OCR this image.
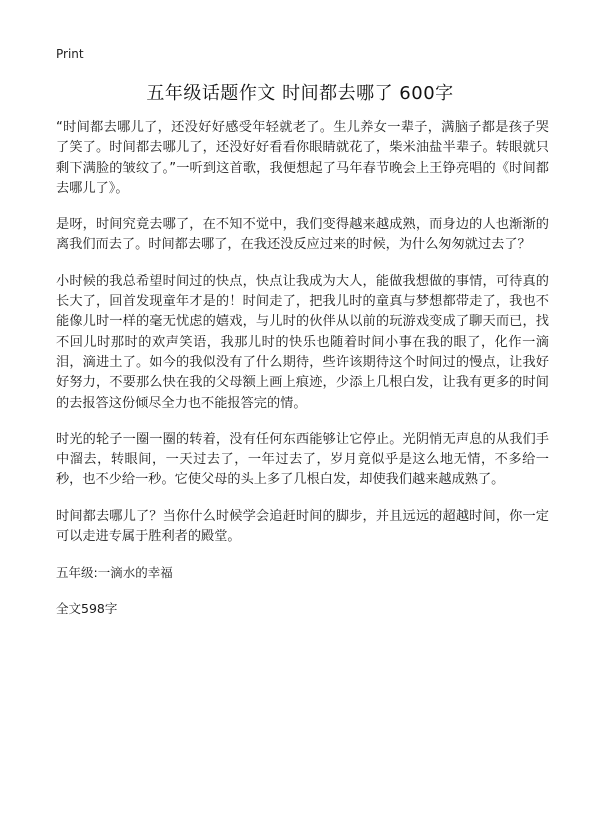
Print
五年级话题作文 时间都去哪了 600字

“时间都去哪儿了，还没好好感受年轻就老了。生儿养女一辈子，满脑子都是孩子哭了笑了。时间都去哪儿了，还没好好看看你眼睛就花了，柴米油盐半辈子。转眼就只剩下满脸的皱纹了。”一听到这首歌，我便想起了马年春节晚会上王铮亮唱的《时间都去哪儿了》。

是呀，时间究竟去哪了，在不知不觉中，我们变得越来越成熟，而身边的人也渐渐的离我们而去了。时间都去哪了，在我还没反应过来的时候，为什么匆匆就过去了？

小时候的我总希望时间过的快点，快点让我成为大人，能做我想做的事情，可待真的长大了，回首发现童年才是的！时间走了，把我儿时的童真与梦想都带走了，我也不能像儿时一样的毫无忧虑的嬉戏，与儿时的伙伴从以前的玩游戏变成了聊天而已，找不回儿时那时的欢声笑语，我那儿时的快乐也随着时间小事在我的眼了，化作一滴泪，滴进土了。如今的我似没有了什么期待，些许该期待这个时间过的慢点，让我好好努力，不要那么快在我的父母额上画上痕迹，少添上几根白发，让我有更多的时间的去报答这份倾尽全力也不能报答完的情。

时光的轮子一圈一圈的转着，没有任何东西能够让它停止。光阴悄无声息的从我们手中溜去，转眼间，一天过去了，一年过去了，岁月竟似乎是这么地无情，不多给一秒，也不少给一秒。它使父母的头上多了几根白发，却使我们越来越成熟了。

时间都去哪儿了？当你什么时候学会追赶时间的脚步，并且远远的超越时间，你一定可以走进专属于胜利者的殿堂。

五年级:一滴水的幸福
全文598字
